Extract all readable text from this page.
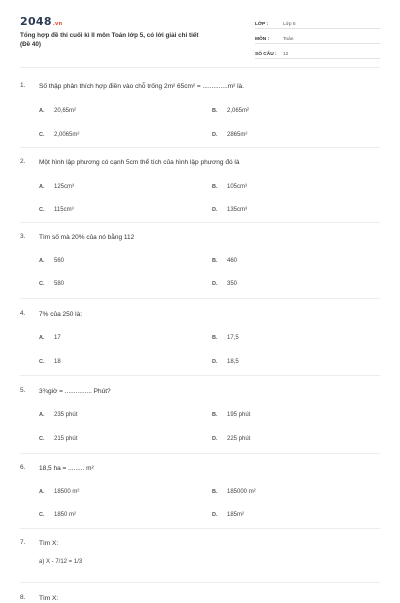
2048.vn
Tổng hợp đề thi cuối kì II môn Toán lớp 5, có lời giải chi tiết
(Đề 40)
LỚP :	Lớp 5
MÔN :	Toán
SỐ CÂU :	12
1. Số thập phân thích hợp điền vào chỗ trống 2m² 65cm² = ..............m² là.
A. 20,65m²	B. 2,065m²
C. 2,0065m²	D. 2865m²
2. Một hình lập phương có cạnh 5cm thể tích của hình lập phương đó là
A. 125cm³	B. 105cm³
C. 115cm³	D. 135cm³
3. Tìm số mà 20% của nó bằng 112
A. 560	B. 460
C. 580	D. 350
4. 7% của 250 là:
A. 17	B. 17,5
C. 18	D. 18,5
5. 3¾giờ = ............... Phút?
A. 235 phút	B. 195 phút
C. 215 phút	D. 225 phút
6. 18,5 ha = ......... m²
A. 18500 m²	B. 185000 m²
C. 1850 m²	D. 185m²
7. Tìm X:
a) X - 7/12 = 1/3
8. Tìm X:
